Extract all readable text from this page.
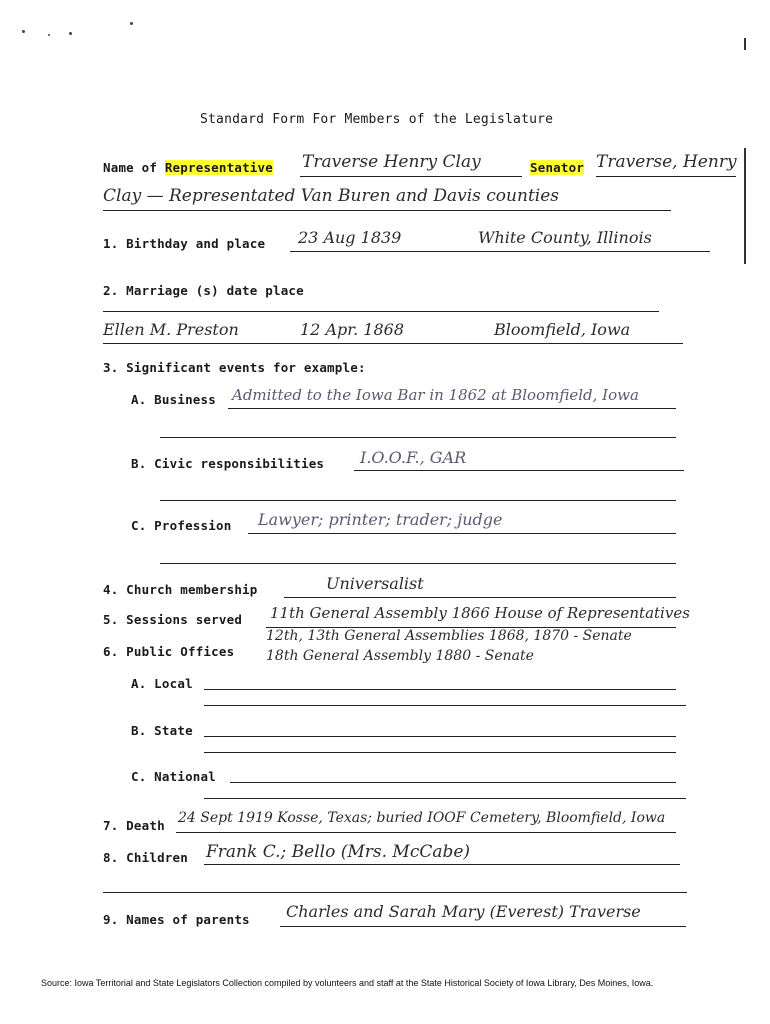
Standard Form For Members of the Legislature
Name of Representative Traverse Henry Clay	Senator Traverse, Henry
Clay — Representated Van Buren and Davis counties
1. Birthday and place 23 Aug 1839	White County, Illinois
2. Marriage (s) date place
Ellen M. Preston	12 Apr. 1868	Bloomfield, Iowa
3. Significant events for example:
A. Business Admitted to the Iowa Bar in 1862 at Bloomfield, Iowa
B. Civic responsibilities I.O.O.F., GAR
C. Profession Lawyer; printer; trader; judge
4. Church membership	Universalist
5. Sessions served 11th General Assembly 1866 House of Representatives
6. Public Offices
12th, 13th General Assemblies 1868, 1870 - Senate
18th General Assembly 1880 - Senate
A. Local
B. State
C. National
7. Death 24 Sept 1919 Kosse, Texas; buried IOOF Cemetery, Bloomfield, Iowa
8. Children Frank C.; Bello (Mrs. McCabe)
9. Names of parents Charles and Sarah Mary (Everest) Traverse
Source: Iowa Territorial and State Legislators Collection compiled by volunteers and staff at the State Historical Society of Iowa Library, Des Moines, Iowa.
